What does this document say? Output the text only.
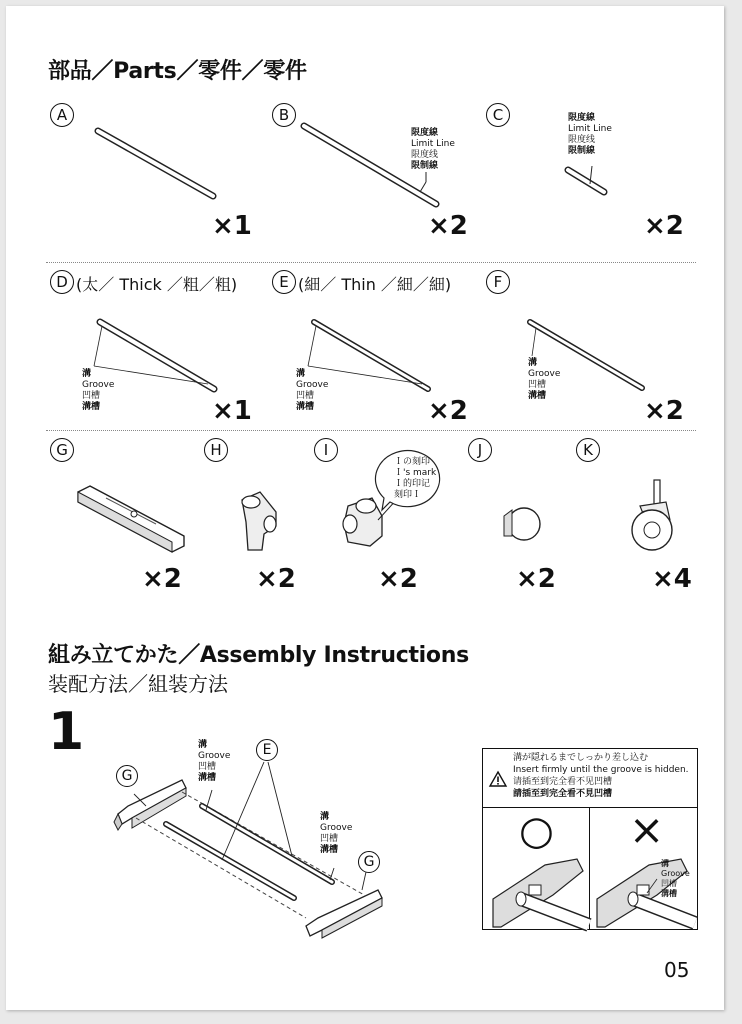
部品／Parts／零件／零件
A
×1
B
限度線
Limit Line
限度线
限制線
×2
C	限度線
Limit Line
限度线
限制線
×2
D (太／ Thick ／粗／粗)	E (細／ Thin ／細／細)	F
溝
Groove
凹槽
溝槽
溝
Groove
凹槽
溝槽
溝
Groove
凹槽
溝槽
×1	×2	×2
G	H	I	J	K
Ｉの刻印
Ｉ's mark
Ｉ的印记
刻印Ｉ
×2	×2	×2	×2	×4
組み立てかた／Assembly Instructions
装配方法／組装方法
1
G
E
G
溝
Groove
凹槽
溝槽
溝
Groove
凹槽
溝槽
溝が隠れるまでしっかり差し込む
Insert firmly until the groove is hidden.
请插至到完全看不见凹槽
請插至到完全看不見凹槽
○ ×
溝
Groove
凹槽
溝槽
05
